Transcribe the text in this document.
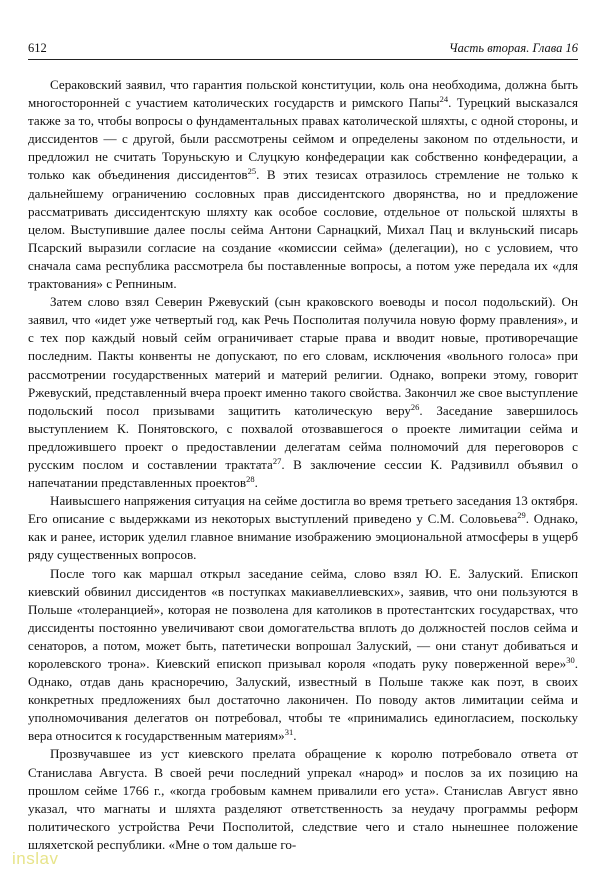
612	Часть вторая. Глава 16

Сераковский заявил, что гарантия польской конституции, коль она необходима, должна быть многосторонней с участием католических государств и римского Папы$^{24}$. Турецкий высказался также за то, чтобы вопросы о фундаментальных правах католической шляхты, с одной стороны, и диссидентов — с другой, были рассмотрены сеймом и определены законом по отдельности, и предложил не считать Торуньскую и Слуцкую конфедерации как собственно конфедерации, а только как объединения диссидентов$^{25}$. В этих тезисах отразилось стремление не только к дальнейшему ограничению сословных прав диссидентского дворянства, но и предложение рассматривать диссидентскую шляхту как особое сословие, отдельное от польской шляхты в целом. Выступившие далее послы сейма Антони Сарнацкий, Михал Пац и вклуньский писарь Псарский выразили согласие на создание «комиссии сейма» (делегации), но с условием, что сначала сама республика рассмотрела бы поставленные вопросы, а потом уже передала их «для трактования» с Репниным.

Затем слово взял Северин Ржевуский (сын краковского воеводы и посол подольский). Он заявил, что «идет уже четвертый год, как Речь Посполитая получила новую форму правления», и с тех пор каждый новый сейм ограничивает старые права и вводит новые, противоречащие последним. Пакты конвенты не допускают, по его словам, исключения «вольного голоса» при рассмотрении государственных материй и материй религии. Однако, вопреки этому, говорит Ржевуский, представленный вчера проект именно такого свойства. Закончил же свое выступление подольский посол призывами защитить католическую веру$^{26}$. Заседание завершилось выступлением К. Понятовского, с похвалой отозвавшегося о проекте лимитации сейма и предложившего проект о предоставлении делегатам сейма полномочий для переговоров с русским послом и составлении трактата$^{27}$. В заключение сессии К. Радзивилл объявил о напечатании представленных проектов$^{28}$.

Наивысшего напряжения ситуация на сейме достигла во время третьего заседания 13 октября. Его описание с выдержками из некоторых выступлений приведено у С.М. Соловьева$^{29}$. Однако, как и ранее, историк уделил главное внимание изображению эмоциональной атмосферы в ущерб ряду существенных вопросов.

После того как маршал открыл заседание сейма, слово взял Ю. Е. Залуский. Епископ киевский обвинил диссидентов «в поступках макиавеллиевских», заявив, что они пользуются в Польше «толеранцией», которая не позволена для католиков в протестантских государствах, что диссиденты постоянно увеличивают свои домогательства вплоть до должностей послов сейма и сенаторов, а потом, может быть, патетически вопрошал Залуский, — они станут добиваться и королевского трона». Киевский епископ призывал короля «подать руку поверженной вере»$^{30}$. Однако, отдав дань красноречию, Залуский, известный в Польше также как поэт, в своих конкретных предложениях был достаточно лаконичен. По поводу актов лимитации сейма и уполномочивания делегатов он потребовал, чтобы те «принимались единогласием, поскольку вера относится к государственным материям»$^{31}$.

Прозвучавшее из уст киевского прелата обращение к королю потребовало ответа от Станислава Августа. В своей речи последний упрекал «народ» и послов за их позицию на прошлом сейме 1766 г., «когда гробовым камнем привалили его уста». Станислав Август явно указал, что магнаты и шляхта разделяют ответственность за неудачу программы реформ политического устройства Речи Посполитой, следствие чего и стало нынешнее положение шляхетской республики. «Мне о том дальше го-

inslav
